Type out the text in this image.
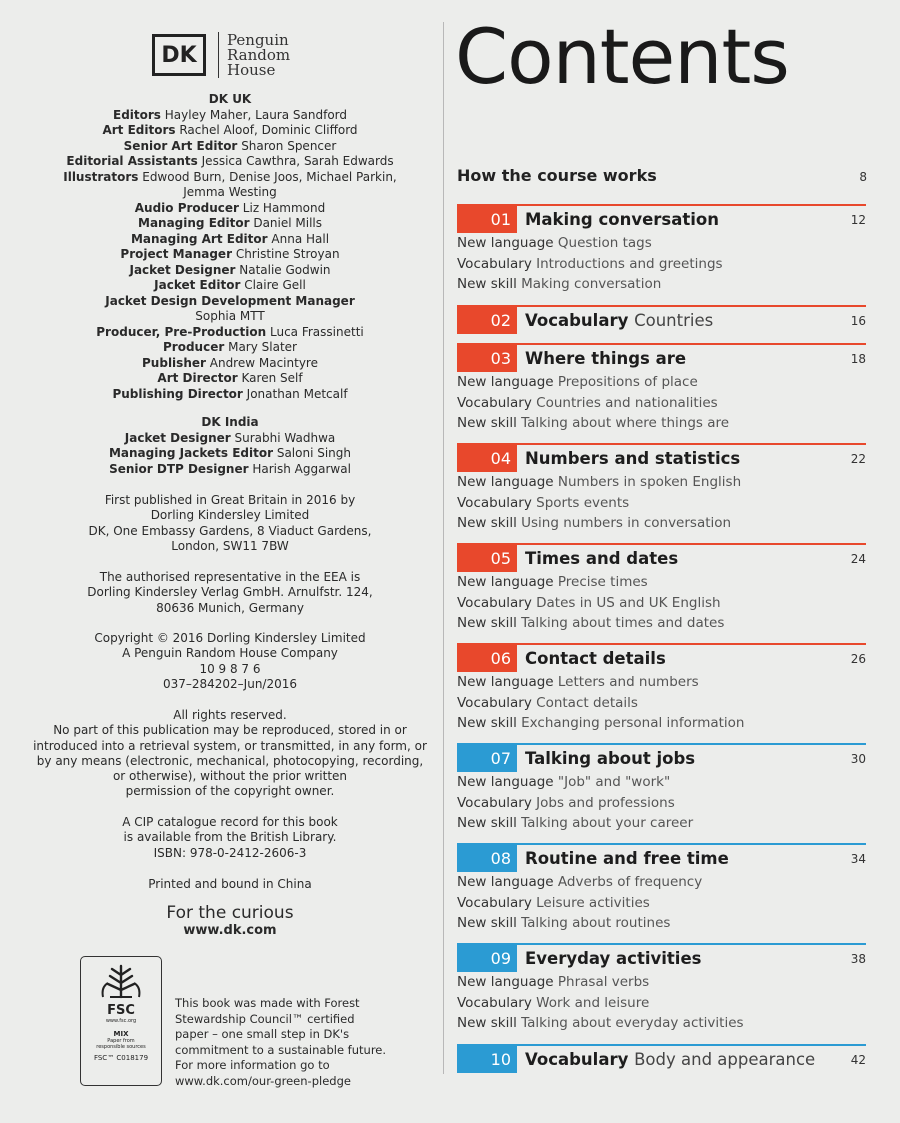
DK
Penguin
Random
House
DK UK
Editors Hayley Maher, Laura Sandford
Art Editors Rachel Aloof, Dominic Clifford
Senior Art Editor Sharon Spencer
Editorial Assistants Jessica Cawthra, Sarah Edwards
Illustrators Edwood Burn, Denise Joos, Michael Parkin,
Jemma Westing
Audio Producer Liz Hammond
Managing Editor Daniel Mills
Managing Art Editor Anna Hall
Project Manager Christine Stroyan
Jacket Designer Natalie Godwin
Jacket Editor Claire Gell
Jacket Design Development Manager
Sophia MTT
Producer, Pre-Production Luca Frassinetti
Producer Mary Slater
Publisher Andrew Macintyre
Art Director Karen Self
Publishing Director Jonathan Metcalf
DK India
Jacket Designer Surabhi Wadhwa
Managing Jackets Editor Saloni Singh
Senior DTP Designer Harish Aggarwal
First published in Great Britain in 2016 by
Dorling Kindersley Limited
DK, One Embassy Gardens, 8 Viaduct Gardens,
London, SW11 7BW
The authorised representative in the EEA is
Dorling Kindersley Verlag GmbH. Arnulfstr. 124,
80636 Munich, Germany
Copyright © 2016 Dorling Kindersley Limited
A Penguin Random House Company
10 9 8 7 6
037–284202–Jun/2016
All rights reserved.
No part of this publication may be reproduced, stored in or
introduced into a retrieval system, or transmitted, in any form, or
by any means (electronic, mechanical, photocopying, recording,
or otherwise), without the prior written
permission of the copyright owner.
A CIP catalogue record for this book
is available from the British Library.
ISBN: 978-0-2412-2606-3
Printed and bound in China
For the curious
www.dk.com
FSC
www.fsc.org
MIX
Paper from
responsible sources
FSC™ C018179
This book was made with Forest
Stewardship Council™ certified
paper – one small step in DK's
commitment to a sustainable future.
For more information go to
www.dk.com/our-green-pledge
Contents
How the course works	8
01 Making conversation	12
New language Question tags
Vocabulary Introductions and greetings
New skill Making conversation
02 Vocabulary Countries	16
03 Where things are	18
New language Prepositions of place
Vocabulary Countries and nationalities
New skill Talking about where things are
04 Numbers and statistics	22
New language Numbers in spoken English
Vocabulary Sports events
New skill Using numbers in conversation
05 Times and dates	24
New language Precise times
Vocabulary Dates in US and UK English
New skill Talking about times and dates
06 Contact details	26
New language Letters and numbers
Vocabulary Contact details
New skill Exchanging personal information
07 Talking about jobs	30
New language "Job" and "work"
Vocabulary Jobs and professions
New skill Talking about your career
08 Routine and free time	34
New language Adverbs of frequency
Vocabulary Leisure activities
New skill Talking about routines
09 Everyday activities	38
New language Phrasal verbs
Vocabulary Work and leisure
New skill Talking about everyday activities
10 Vocabulary Body and appearance	42
